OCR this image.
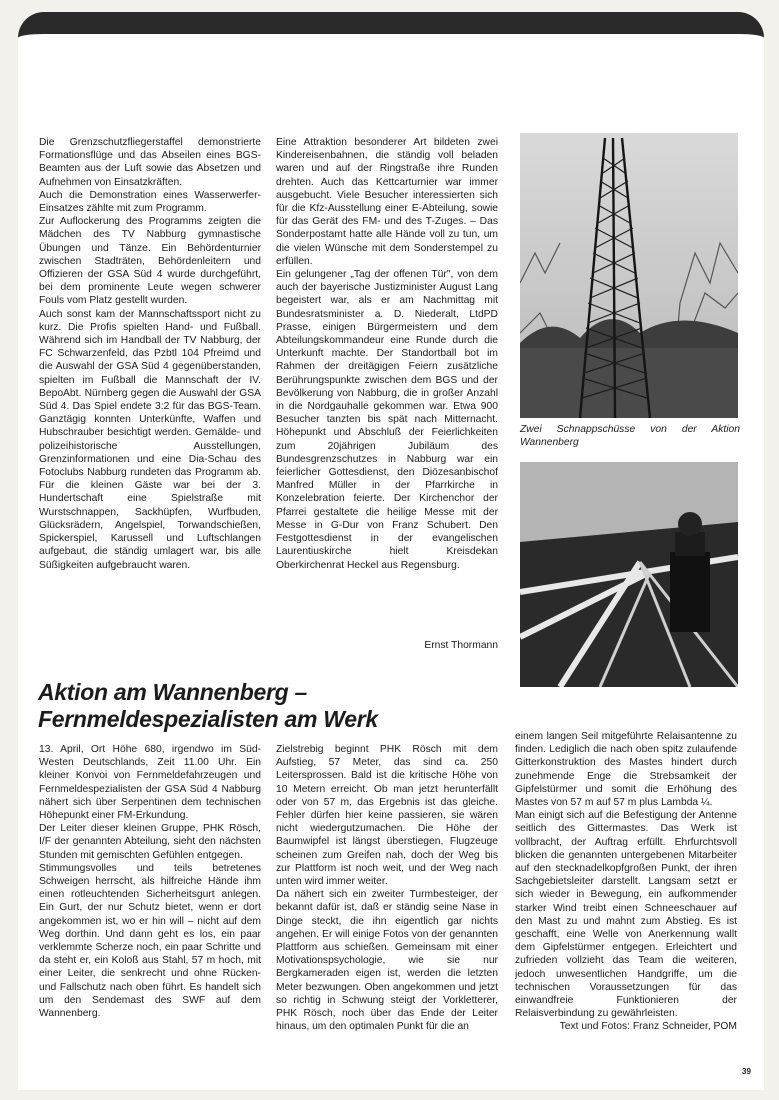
Die Grenzschutzfliegerstaffel demonstrierte Formationsflüge und das Abseilen eines BGS-Beamten aus der Luft sowie das Absetzen und Aufnehmen von Einsatzkräften.

Auch die Demonstration eines Wasserwerfer-Einsatzes zählte mit zum Programm.

Zur Auflockerung des Programms zeigten die Mädchen des TV Nabburg gymnastische Übungen und Tänze. Ein Behördenturnier zwischen Stadträten, Behördenleitern und Offizieren der GSA Süd 4 wurde durchgeführt, bei dem prominente Leute wegen schwerer Fouls vom Platz gestellt wurden.

Auch sonst kam der Mannschaftssport nicht zu kurz. Die Profis spielten Hand- und Fußball. Während sich im Handball der TV Nabburg, der FC Schwarzenfeld, das Pzbtl 104 Pfreimd und die Auswahl der GSA Süd 4 gegenüberstanden, spielten im Fußball die Mannschaft der IV. BepoAbt. Nürnberg gegen die Auswahl der GSA Süd 4. Das Spiel endete 3:2 für das BGS-Team. Ganztägig konnten Unterkünfte, Waffen und Hubschrauber besichtigt werden. Gemälde- und polizeihistorische Ausstellungen, Grenzinformationen und eine Dia-Schau des Fotoclubs Nabburg rundeten das Programm ab. Für die kleinen Gäste war bei der 3. Hundertschaft eine Spielstraße mit Wurstschnappen, Sackhüpfen, Wurfbuden, Glücksrädern, Angelspiel, Torwandschießen, Spickerspiel, Karussell und Luftschlangen aufgebaut, die ständig umlagert war, bis alle Süßigkeiten aufgebraucht waren.

Eine Attraktion besonderer Art bildeten zwei Kindereisenbahnen, die ständig voll beladen waren und auf der Ringstraße ihre Runden drehten. Auch das Kettcarturnier war immer ausgebucht. Viele Besucher interessierten sich für die Kfz-Ausstellung einer E-Abteilung, sowie für das Gerät des FM- und des T-Zuges. – Das Sonderpostamt hatte alle Hände voll zu tun, um die vielen Wünsche mit dem Sonderstempel zu erfüllen.

Ein gelungener „Tag der offenen Tür", von dem auch der bayerische Justizminister August Lang begeistert war, als er am Nachmittag mit Bundesratsminister a. D. Niederalt, LtdPD Prasse, einigen Bürgermeistern und dem Abteilungskommandeur eine Runde durch die Unterkunft machte. Der Standortball bot im Rahmen der dreitägigen Feiern zusätzliche Berührungspunkte zwischen dem BGS und der Bevölkerung von Nabburg, die in großer Anzahl in die Nordgauhalle gekommen war. Etwa 900 Besucher tanzten bis spät nach Mitternacht. Höhepunkt und Abschluß der Feierlichkeiten zum 20jährigen Jubiläum des Bundesgrenzschutzes in Nabburg war ein feierlicher Gottesdienst, den Diözesanbischof Manfred Müller in der Pfarrkirche in Konzelebration feierte. Der Kirchenchor der Pfarrei gestaltete die heilige Messe mit der Messe in G-Dur von Franz Schubert. Den Festgottesdienst in der evangelischen Laurentiuskirche hielt Kreisdekan Oberkirchenrat Heckel aus Regensburg.

Ernst Thormann
Zwei Schnappschüsse von der Aktion Wannenberg
Aktion am Wannenberg –
Fernmeldespezialisten am Werk

13. April, Ort Höhe 680, irgendwo im Süd-Westen Deutschlands, Zeit 11.00 Uhr. Ein kleiner Konvoi von Fernmeldefahrzeugen und Fernmeldespezialisten der GSA Süd 4 Nabburg nähert sich über Serpentinen dem technischen Höhepunkt einer FM-Erkundung.

Der Leiter dieser kleinen Gruppe, PHK Rösch, I/F der genannten Abteilung, sieht den nächsten Stunden mit gemischten Gefühlen entgegen.

Stimmungsvolles und teils betretenes Schweigen herrscht, als hilfreiche Hände ihm einen rotleuchtenden Sicherheitsgurt anlegen. Ein Gurt, der nur Schutz bietet, wenn er dort angekommen ist, wo er hin will – nicht auf dem Weg dorthin. Und dann geht es los, ein paar verklemmte Scherze noch, ein paar Schritte und da steht er, ein Koloß aus Stahl, 57 m hoch, mit einer Leiter, die senkrecht und ohne Rücken- und Fallschutz nach oben führt. Es handelt sich um den Sendemast des SWF auf dem Wannenberg.

Zielstrebig beginnt PHK Rösch mit dem Aufstieg, 57 Meter, das sind ca. 250 Leitersprossen. Bald ist die kritische Höhe von 10 Metern erreicht. Ob man jetzt herunterfällt oder von 57 m, das Ergebnis ist das gleiche. Fehler dürfen hier keine passieren, sie wären nicht wiedergutzumachen. Die Höhe der Baumwipfel ist längst überstiegen, Flugzeuge scheinen zum Greifen nah, doch der Weg bis zur Plattform ist noch weit, und der Weg nach unten wird immer weiter.

Da nähert sich ein zweiter Turmbesteiger, der bekannt dafür ist, daß er ständig seine Nase in Dinge steckt, die ihn eigentlich gar nichts angehen. Er will einige Fotos von der genannten Plattform aus schießen. Gemeinsam mit einer Motivationspsychologie, wie sie nur Bergkameraden eigen ist, werden die letzten Meter bezwungen. Oben angekommen und jetzt so richtig in Schwung steigt der Vorkletterer, PHK Rösch, noch über das Ende der Leiter hinaus, um den optimalen Punkt für die an

einem langen Seil mitgeführte Relaisantenne zu finden. Lediglich die nach oben spitz zulaufende Gitterkonstruktion des Mastes hindert durch zunehmende Enge die Strebsamkeit der Gipfelstürmer und somit die Erhöhung des Mastes von 57 m auf 57 m plus Lambda ¼.

Man einigt sich auf die Befestigung der Antenne seitlich des Gittermastes. Das Werk ist vollbracht, der Auftrag erfüllt. Ehrfurchtsvoll blicken die genannten untergebenen Mitarbeiter auf den stecknadelkopfgroßen Punkt, der ihren Sachgebietsleiter darstellt. Langsam setzt er sich wieder in Bewegung, ein aufkommender starker Wind treibt einen Schneeschauer auf den Mast zu und mahnt zum Abstieg. Es ist geschafft, eine Welle von Anerkennung wallt dem Gipfelstürmer entgegen. Erleichtert und zufrieden vollzieht das Team die weiteren, jedoch unwesentlichen Handgriffe, um die technischen Voraussetzungen für das einwandfreie Funktionieren der Relaisverbindung zu gewährleisten.

Text und Fotos: Franz Schneider, POM

39
